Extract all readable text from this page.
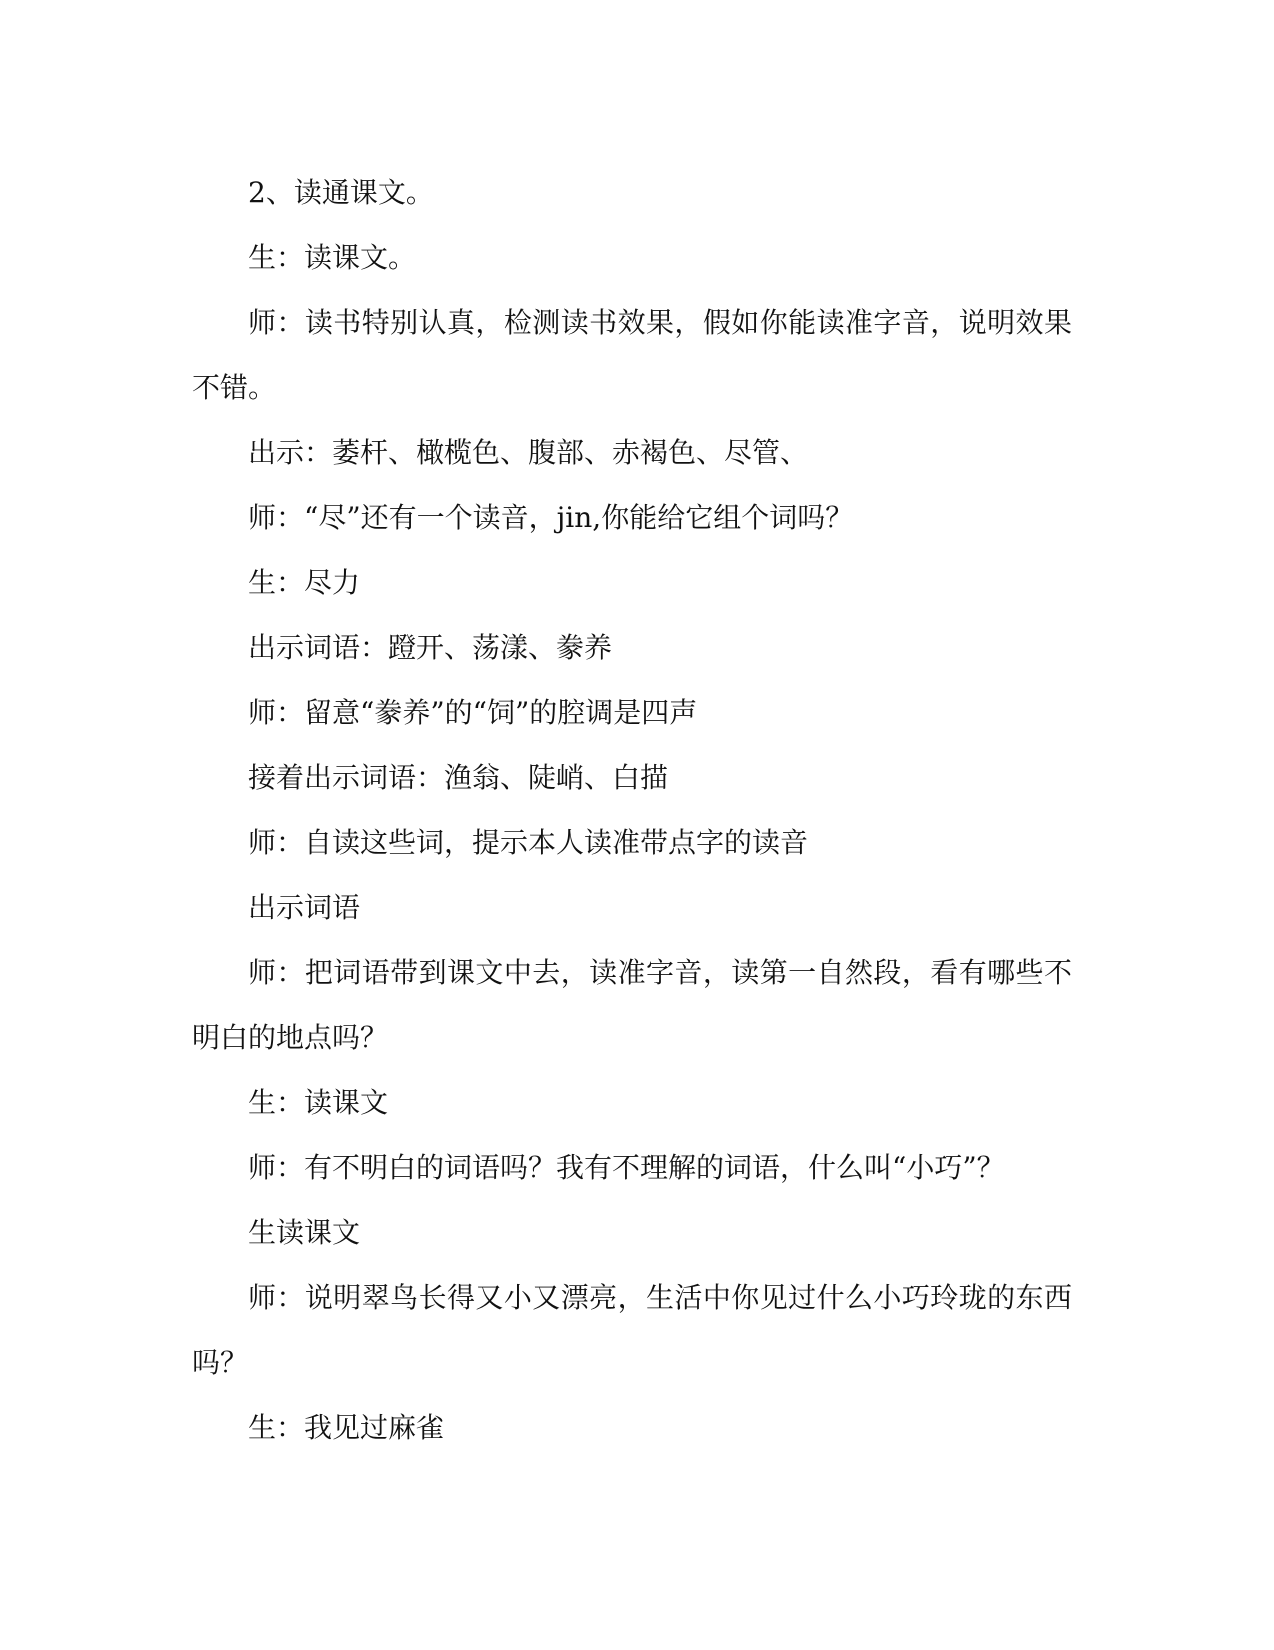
2、读通课文。

生：读课文。

师：读书特别认真，检测读书效果，假如你能读准字音，说明效果不错。

出示：萎杆、橄榄色、腹部、赤褐色、尽管、

师：“尽”还有一个读音，jin,你能给它组个词吗？

生：尽力

出示词语：蹬开、荡漾、豢养

师：留意“豢养”的“饲”的腔调是四声

接着出示词语：渔翁、陡峭、白描

师：自读这些词，提示本人读准带点字的读音

出示词语

师：把词语带到课文中去，读准字音，读第一自然段，看有哪些不明白的地点吗？

生：读课文

师：有不明白的词语吗？我有不理解的词语，什么叫“小巧”？

生读课文

师：说明翠鸟长得又小又漂亮，生活中你见过什么小巧玲珑的东西吗？

生：我见过麻雀
